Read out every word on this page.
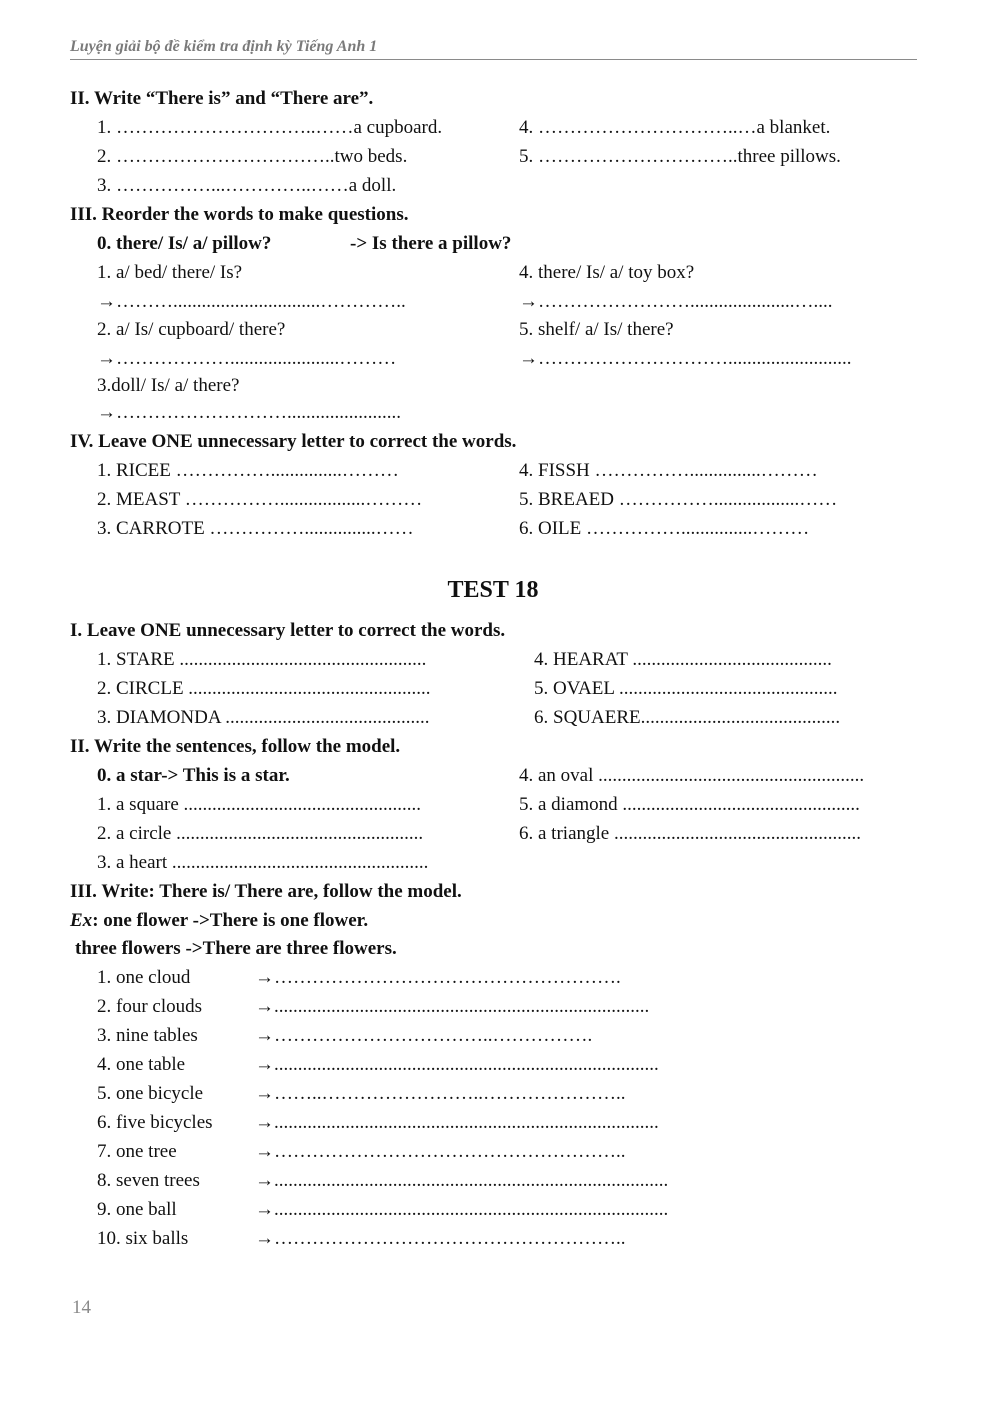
Luyện giải bộ đề kiểm tra định kỳ Tiếng Anh 1
II. Write “There is” and “There are”.
1. …………………………..……a cupboard.
2. ……………………………..two beds.
3. ……………...…………..……a doll.
4. …………………………..…a blanket.
5. …………………………..three pillows.
III. Reorder the words to make questions.
0. there/ Is/ a/ pillow?	-> Is there a pillow?
1. a/ bed/ there/ Is?
→………...............................…………..
2. a/ Is/ cupboard/ there?
→……………….......................………
3.doll/ Is/ a/ there?
→………………………........................
4. there/ Is/ a/ toy box?
→……………………......................…....
5. shelf/ a/ Is/ there?
→…………………………..........................
IV. Leave ONE unnecessary letter to correct the words.
1. RICEE ……………...............………
2. MEAST ……………..................………
3. CARROTE ……………...............……
4. FISSH ……………...............………
5. BREAED ……………..................……
6. OILE ……………...............………
TEST 18
I. Leave ONE unnecessary letter to correct the words.
1. STARE ....................................................
2. CIRCLE ...................................................
3. DIAMONDA ...........................................
4. HEARAT ..........................................
5. OVAEL ..............................................
6. SQUAERE..........................................
II. Write the sentences, follow the model.
0. a star-> This is a star.
1. a square ..................................................
2. a circle ....................................................
3. a heart ......................................................
4. an oval ........................................................
5. a diamond ..................................................
6. a triangle ....................................................
III. Write: There is/ There are, follow the model.
Ex: one flower ->There is one flower.
three flowers ->There are three flowers.
1. one cloud	→……………………………………………….
2. four clouds	→...............................................................................
3. nine tables	→……………………………..…………….
4. one table	→.................................................................................
5. one bicycle	→……..……………………..…………………..
6. five bicycles →.................................................................................
7. one tree	→………………………………………………..
8. seven trees	→...................................................................................
9. one ball	→...................................................................................
10. six balls	→………………………………………………..
14
